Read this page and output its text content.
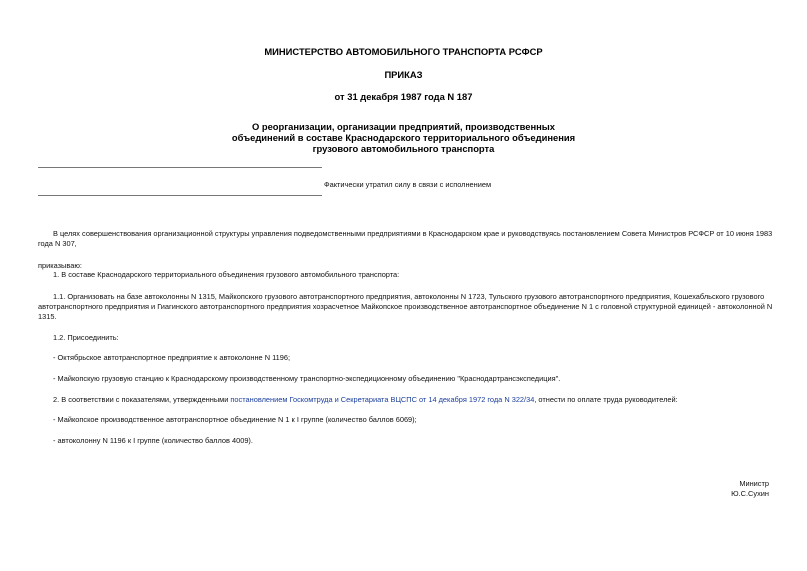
МИНИСТЕРСТВО АВТОМОБИЛЬНОГО ТРАНСПОРТА РСФСР
ПРИКАЗ
от 31 декабря 1987 года N 187
О реорганизации, организации предприятий, производственных
объединений в составе Краснодарского территориального объединения
грузового автомобильного транспорта
Фактически утратил силу в связи с исполнением
В целях совершенствования организационной структуры управления подведомственными предприятиями в Краснодарском крае и руководствуясь постановлением Совета Министров РСФСР от 10 июня 1983
года N 307,
приказываю:
1. В составе Краснодарского территориального объединения грузового автомобильного транспорта:
1.1. Организовать на базе автоколонны N 1315, Майкопского грузового автотранспортного предприятия, автоколонны N 1723, Тульского грузового автотранспортного предприятия, Кошехабльского грузового
автотранспортного предприятия и Гиагинского автотранспортного предприятия хозрасчетное Майкопское производственное автотранспортное объединение N 1 с головной структурной единицей - автоколонной N
1315.
1.2. Присоединить:
- Октябрьское автотранспортное предприятие к автоколонне N 1196;
- Майкопскую грузовую станцию к Краснодарскому производственному транспортно-экспедиционному объединению "Краснодартрансэкспедиция".
2. В соответствии с показателями, утвержденными постановлением Госкомтруда и Секретариата ВЦСПС от 14 декабря 1972 года N 322/34, отнести по оплате труда руководителей:
- Майкопское производственное автотранспортное объединение N 1 к I группе (количество баллов 6069);
- автоколонну N 1196 к I группе (количество баллов 4009).
Министр
Ю.С.Сухин
